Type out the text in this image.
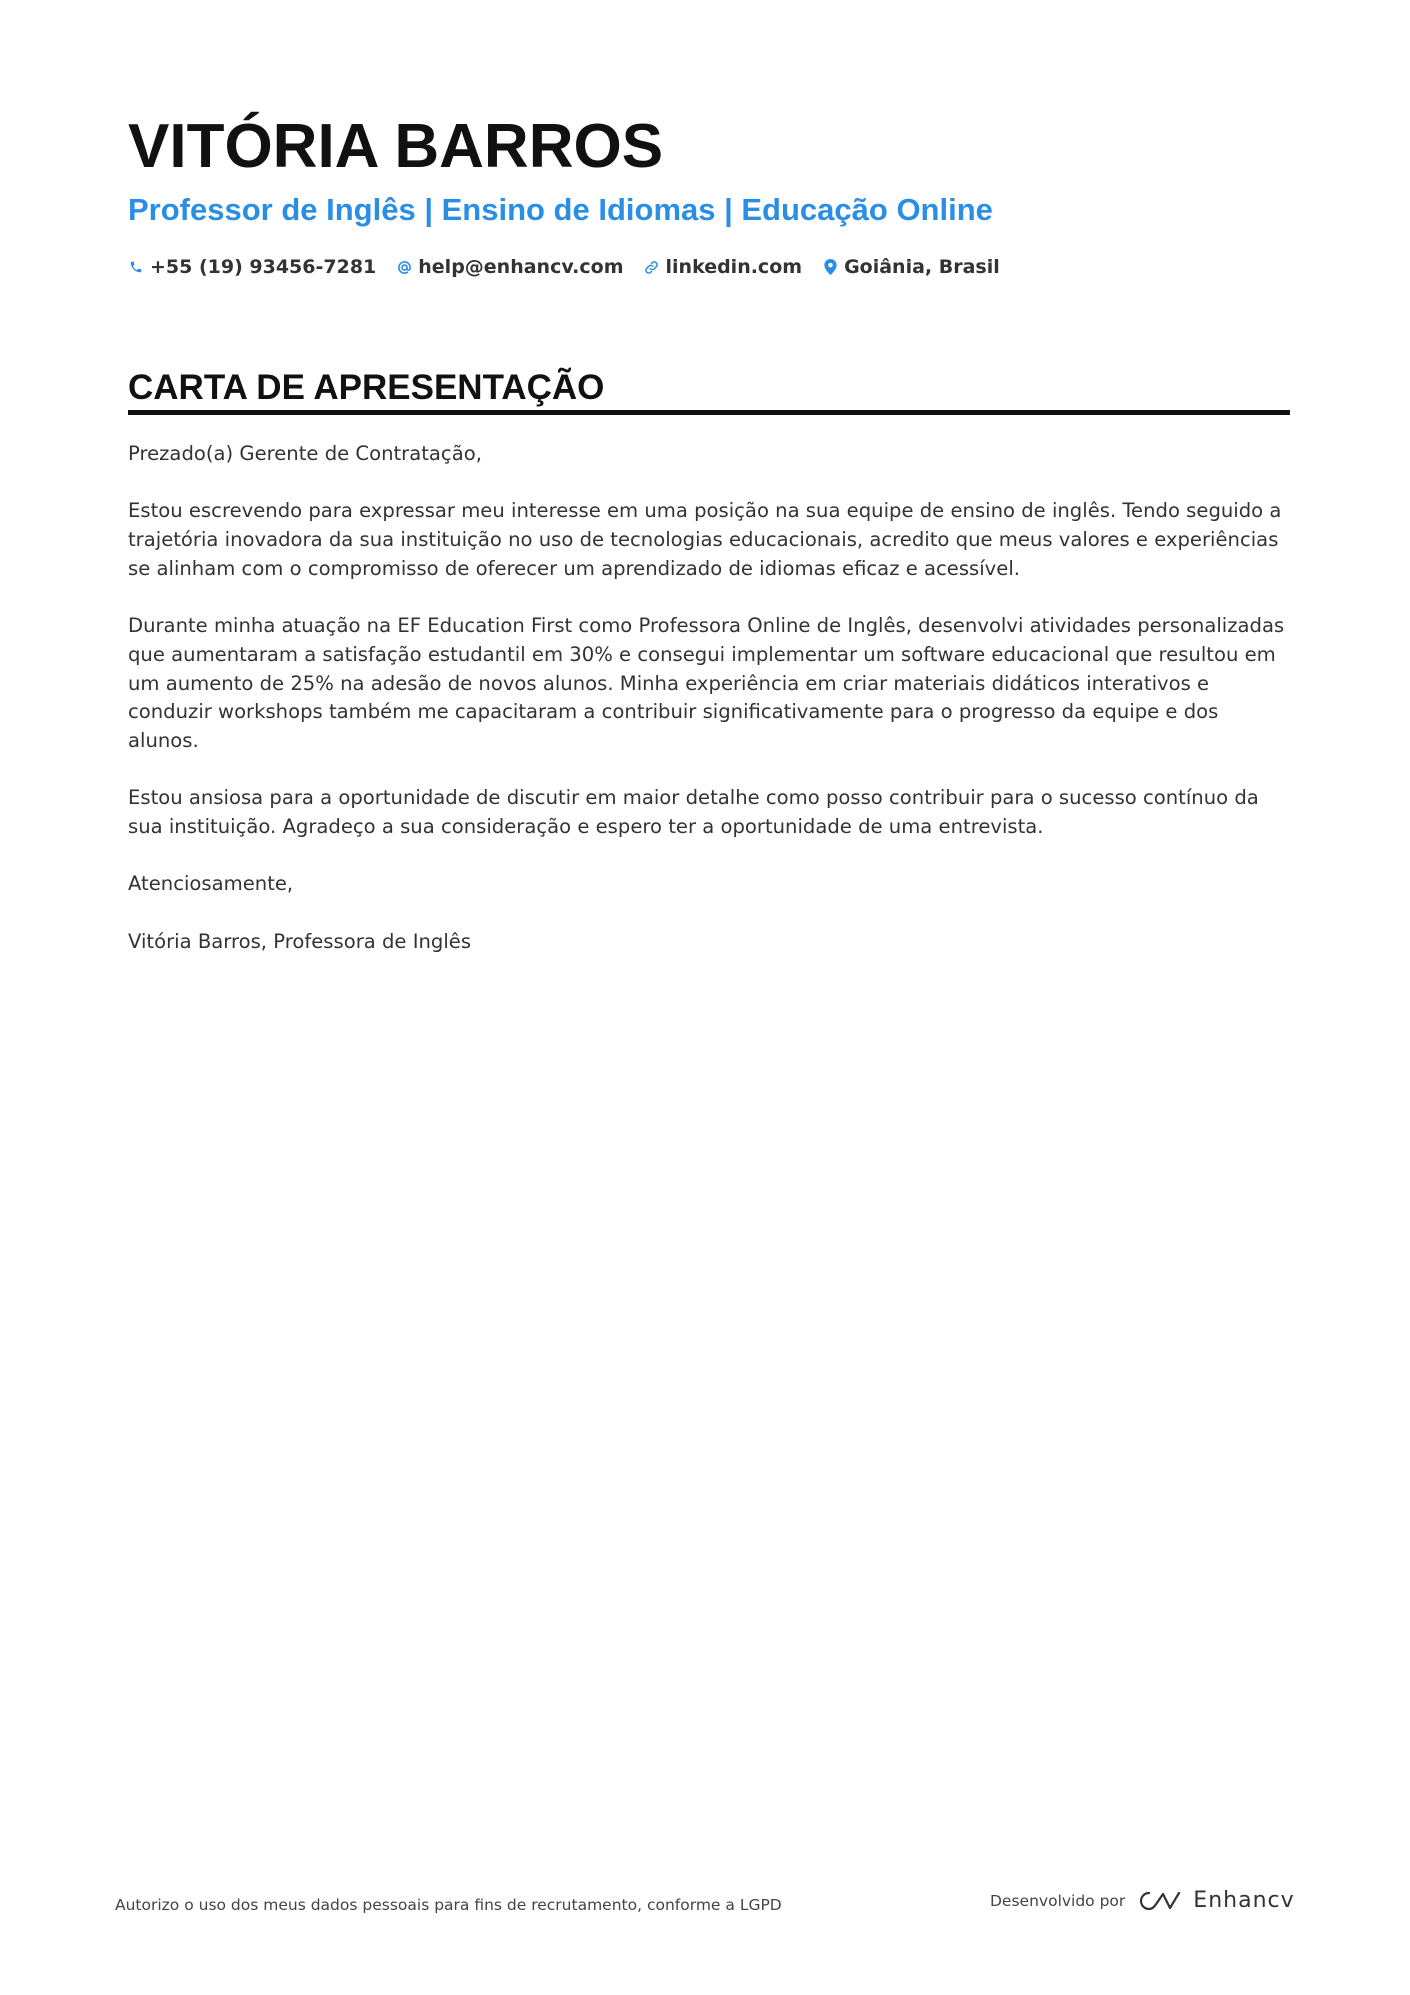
VITÓRIA BARROS
Professor de Inglês | Ensino de Idiomas | Educação Online
+55 (19) 93456-7281 help@enhancv.com linkedin.com Goiânia, Brasil
CARTA DE APRESENTAÇÃO

Prezado(a) Gerente de Contratação,

Estou escrevendo para expressar meu interesse em uma posição na sua equipe de ensino de inglês. Tendo seguido a trajetória inovadora da sua instituição no uso de tecnologias educacionais, acredito que meus valores e experiências se alinham com o compromisso de oferecer um aprendizado de idiomas eficaz e acessível.

Durante minha atuação na EF Education First como Professora Online de Inglês, desenvolvi atividades personalizadas que aumentaram a satisfação estudantil em 30% e consegui implementar um software educacional que resultou em um aumento de 25% na adesão de novos alunos. Minha experiência em criar materiais didáticos interativos e conduzir workshops também me capacitaram a contribuir significativamente para o progresso da equipe e dos alunos.

Estou ansiosa para a oportunidade de discutir em maior detalhe como posso contribuir para o sucesso contínuo da sua instituição. Agradeço a sua consideração e espero ter a oportunidade de uma entrevista.

Atenciosamente,

Vitória Barros, Professora de Inglês

Autorizo o uso dos meus dados pessoais para fins de recrutamento, conforme a LGPD	Desenvolvido por	Enhancv
